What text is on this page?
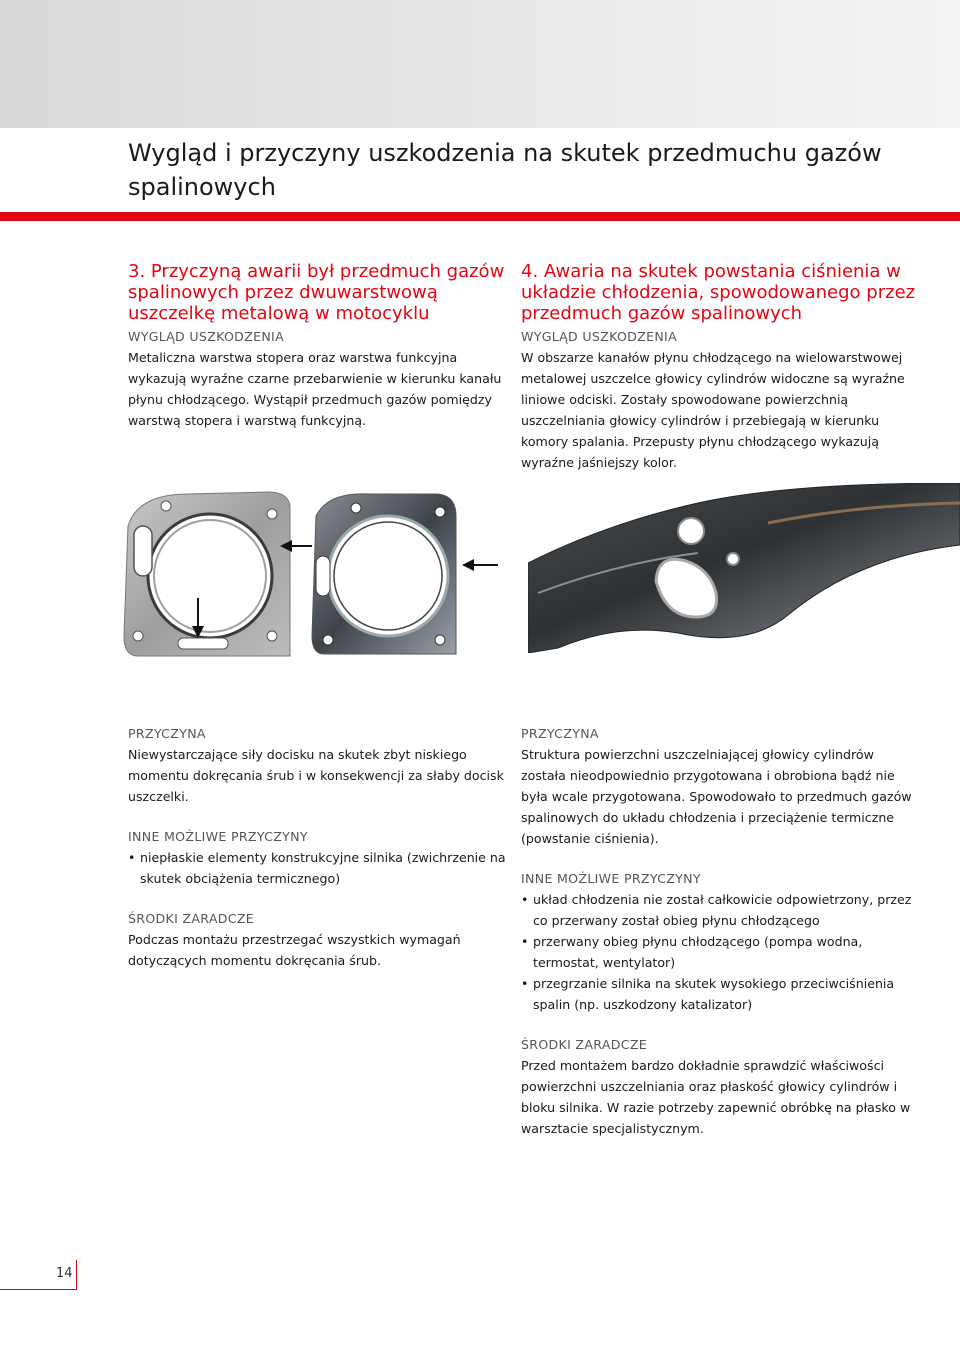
Wygląd i przyczyny uszkodzenia na skutek przedmuchu gazów spalinowych
3. Przyczyną awarii był przedmuch gazów spalinowych przez dwuwarstwową uszczelkę metalową w motocyklu

WYGLĄD USZKODZENIA

Metaliczna warstwa stopera oraz warstwa funkcyjna wykazują wyraźne czarne przebarwienie w kierunku kanału płynu chłodzącego. Wystąpił przedmuch gazów pomiędzy warstwą stopera i warstwą funkcyjną.

4. Awaria na skutek powstania ciśnienia w układzie chłodzenia, spowodowanego przez przedmuch gazów spalinowych

WYGLĄD USZKODZENIA

W obszarze kanałów płynu chłodzącego na wielowarstwowej metalowej uszczelce głowicy cylindrów widoczne są wyraźne liniowe odciski. Zostały spowodowane powierzchnią uszczelniania głowicy cylindrów i przebiegają w kierunku komory spalania. Przepusty płynu chłodzącego wykazują wyraźne jaśniejszy kolor.

PRZYCZYNA

Niewystarczające siły docisku na skutek zbyt niskiego momentu dokręcania śrub i w konsekwencji za słaby docisk uszczelki.

INNE MOŻLIWE PRZYCZYNY

• niepłaskie elementy konstrukcyjne silnika (zwichrzenie na skutek obciążenia termicznego)

ŚRODKI ZARADCZE

Podczas montażu przestrzegać wszystkich wymagań dotyczących momentu dokręcania śrub.

PRZYCZYNA

Struktura powierzchni uszczelniającej głowicy cylindrów została nieodpowiednio przygotowana i obrobiona bądź nie była wcale przygotowana. Spowodowało to przedmuch gazów spalinowych do układu chłodzenia i przeciążenie termiczne (powstanie ciśnienia).

INNE MOŻLIWE PRZYCZYNY

• układ chłodzenia nie został całkowicie odpowietrzony, przez co przerwany został obieg płynu chłodzącego
• przerwany obieg płynu chłodzącego (pompa wodna, termostat, wentylator)
• przegrzanie silnika na skutek wysokiego przeciwciśnienia spalin (np. uszkodzony katalizator)

ŚRODKI ZARADCZE

Przed montażem bardzo dokładnie sprawdzić właściwości powierzchni uszczelniania oraz płaskość głowicy cylindrów i bloku silnika. W razie potrzeby zapewnić obróbkę na płasko w warsztacie specjalistycznym.

14
